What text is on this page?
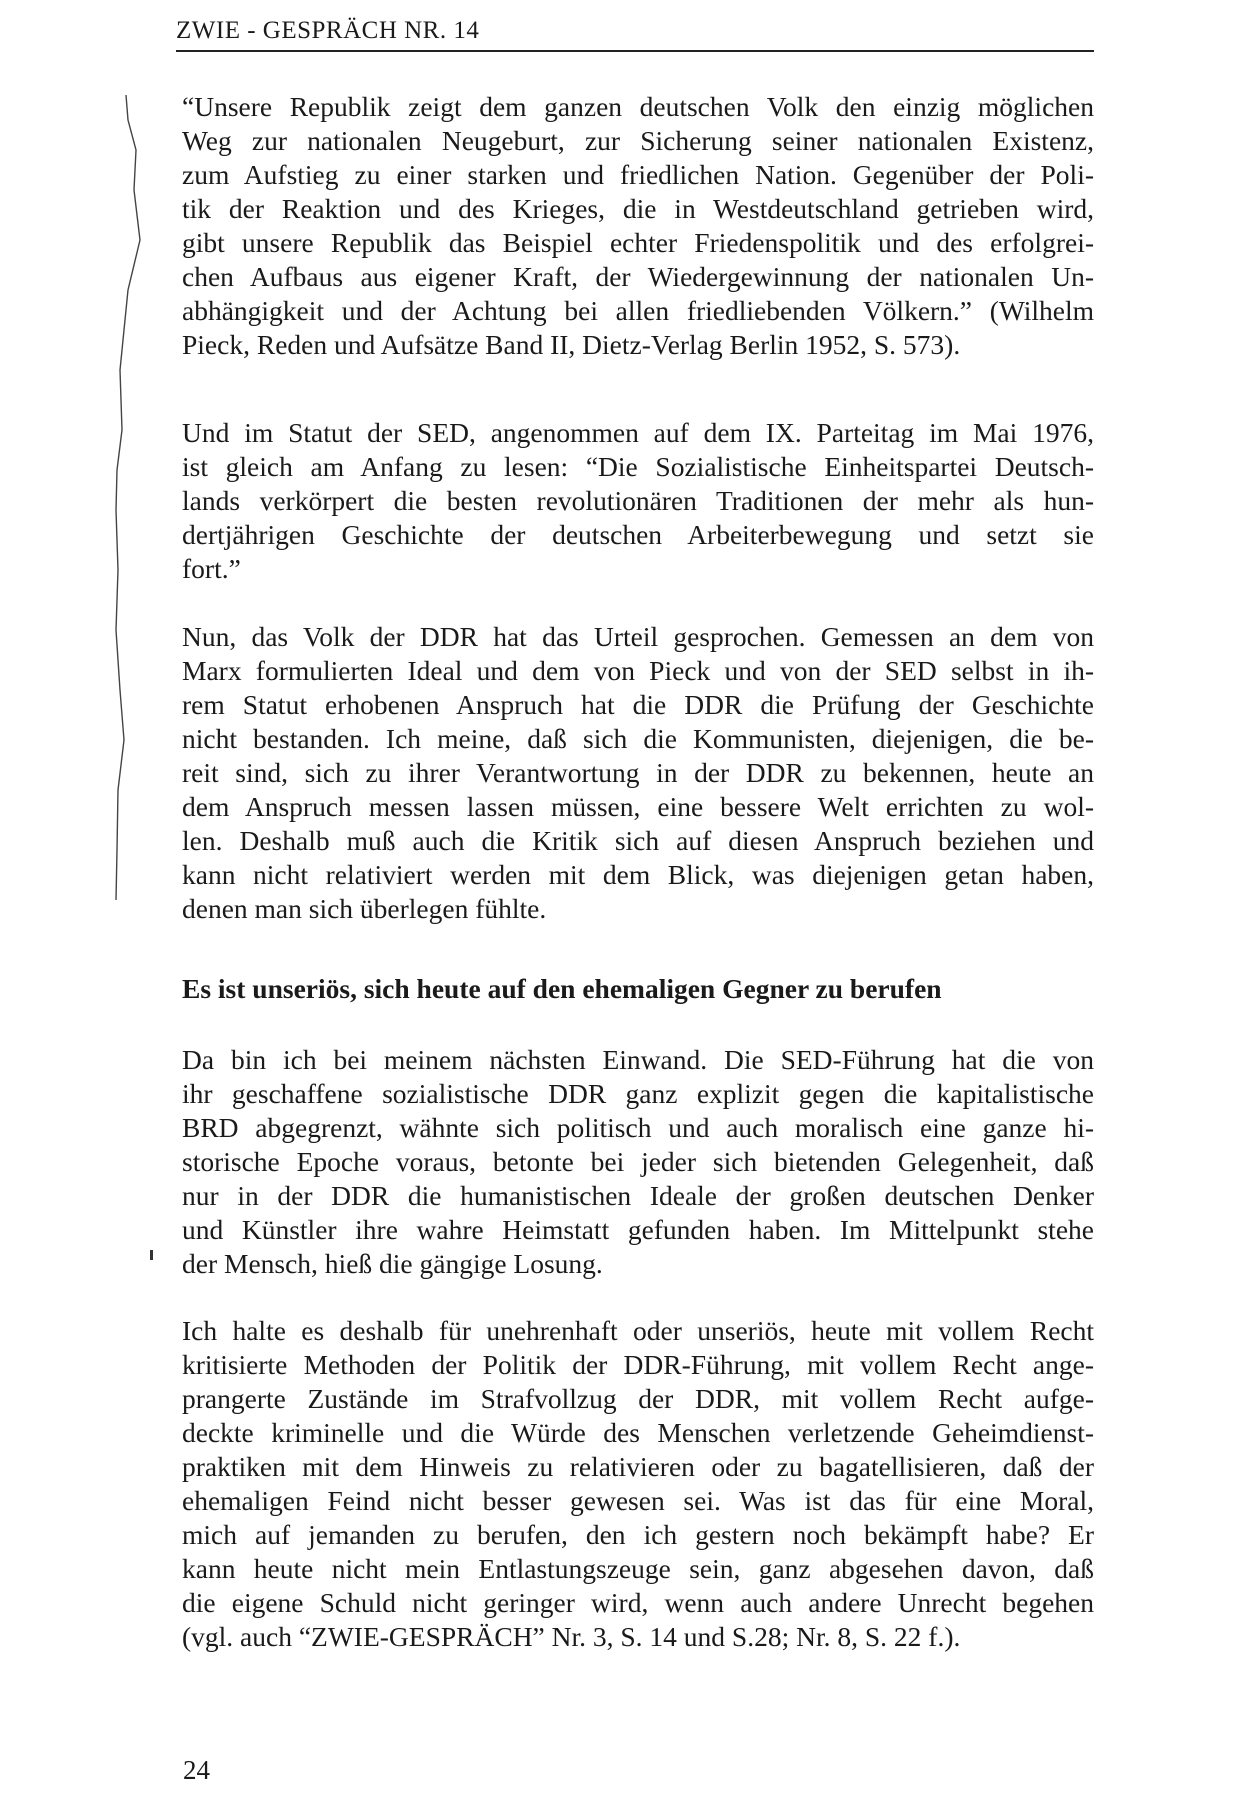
ZWIE - GESPRÄCH NR. 14
“Unsere Republik zeigt dem ganzen deutschen Volk den einzig möglichen
Weg zur nationalen Neugeburt, zur Sicherung seiner nationalen Existenz,
zum Aufstieg zu einer starken und friedlichen Nation. Gegenüber der Poli-
tik der Reaktion und des Krieges, die in Westdeutschland getrieben wird,
gibt unsere Republik das Beispiel echter Friedenspolitik und des erfolgrei-
chen Aufbaus aus eigener Kraft, der Wiedergewinnung der nationalen Un-
abhängigkeit und der Achtung bei allen friedliebenden Völkern.” (Wilhelm
Pieck, Reden und Aufsätze Band II, Dietz-Verlag Berlin 1952, S. 573).
Und im Statut der SED, angenommen auf dem IX. Parteitag im Mai 1976,
ist gleich am Anfang zu lesen: “Die Sozialistische Einheitspartei Deutsch-
lands verkörpert die besten revolutionären Traditionen der mehr als hun-
dertjährigen Geschichte der deutschen Arbeiterbewegung und setzt sie
fort.”
Nun, das Volk der DDR hat das Urteil gesprochen. Gemessen an dem von
Marx formulierten Ideal und dem von Pieck und von der SED selbst in ih-
rem Statut erhobenen Anspruch hat die DDR die Prüfung der Geschichte
nicht bestanden. Ich meine, daß sich die Kommunisten, diejenigen, die be-
reit sind, sich zu ihrer Verantwortung in der DDR zu bekennen, heute an
dem Anspruch messen lassen müssen, eine bessere Welt errichten zu wol-
len. Deshalb muß auch die Kritik sich auf diesen Anspruch beziehen und
kann nicht relativiert werden mit dem Blick, was diejenigen getan haben,
denen man sich überlegen fühlte.
Es ist unseriös, sich heute auf den ehemaligen Gegner zu berufen
Da bin ich bei meinem nächsten Einwand. Die SED-Führung hat die von
ihr geschaffene sozialistische DDR ganz explizit gegen die kapitalistische
BRD abgegrenzt, wähnte sich politisch und auch moralisch eine ganze hi-
storische Epoche voraus, betonte bei jeder sich bietenden Gelegenheit, daß
nur in der DDR die humanistischen Ideale der großen deutschen Denker
und Künstler ihre wahre Heimstatt gefunden haben. Im Mittelpunkt stehe
der Mensch, hieß die gängige Losung.
Ich halte es deshalb für unehrenhaft oder unseriös, heute mit vollem Recht
kritisierte Methoden der Politik der DDR-Führung, mit vollem Recht ange-
prangerte Zustände im Strafvollzug der DDR, mit vollem Recht aufge-
deckte kriminelle und die Würde des Menschen verletzende Geheimdienst-
praktiken mit dem Hinweis zu relativieren oder zu bagatellisieren, daß der
ehemaligen Feind nicht besser gewesen sei. Was ist das für eine Moral,
mich auf jemanden zu berufen, den ich gestern noch bekämpft habe? Er
kann heute nicht mein Entlastungszeuge sein, ganz abgesehen davon, daß
die eigene Schuld nicht geringer wird, wenn auch andere Unrecht begehen
(vgl. auch “ZWIE-GESPRÄCH” Nr. 3, S. 14 und S.28; Nr. 8, S. 22 f.).
24
